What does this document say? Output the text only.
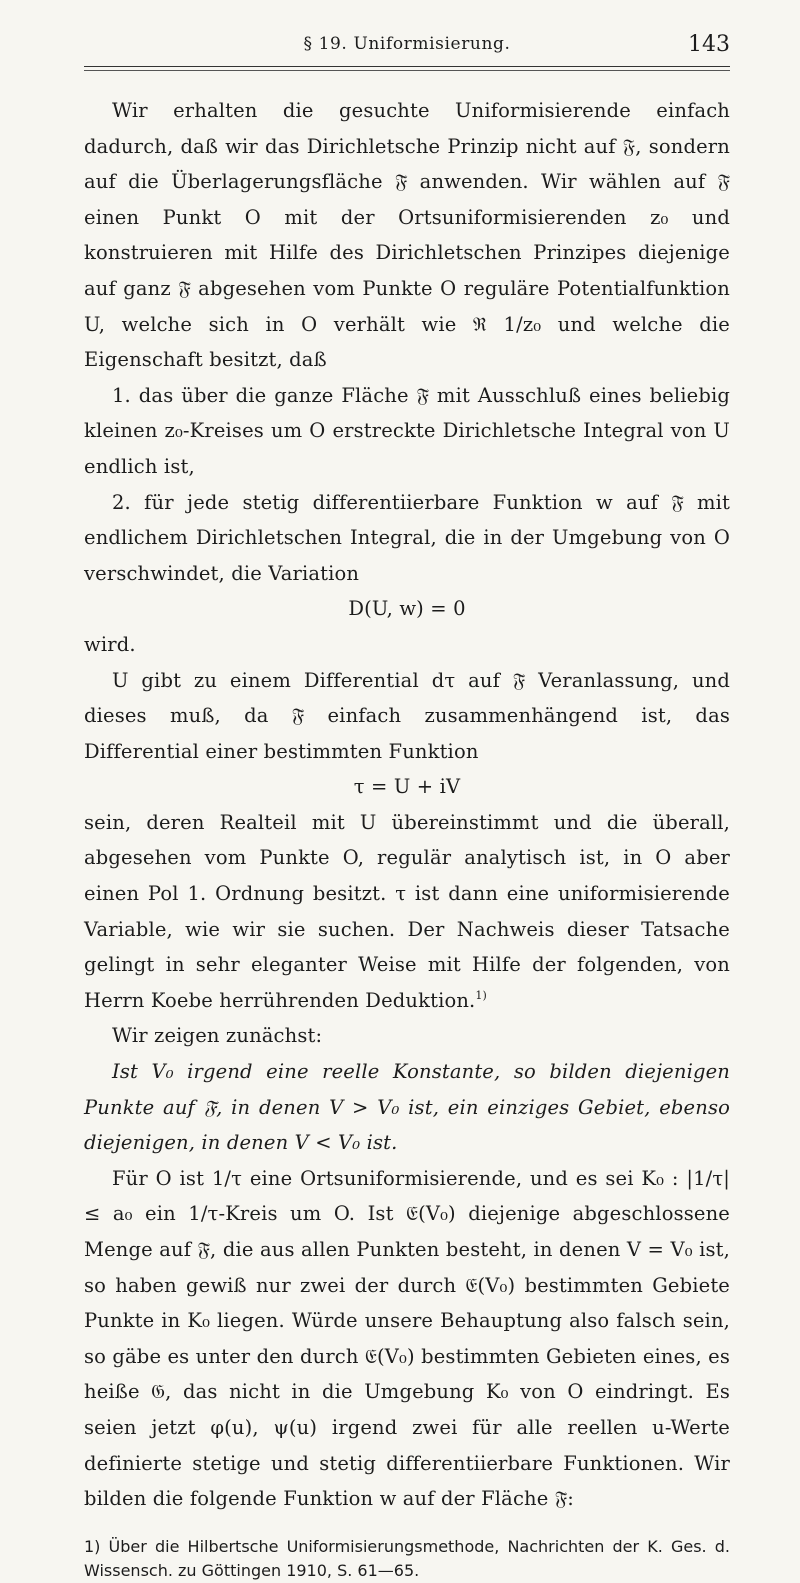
§ 19. Uniformisierung.	143

Wir erhalten die gesuchte Uniformisierende einfach dadurch, daß wir das Dirichletsche Prinzip nicht auf 𝔉, sondern auf die Überlagerungsfläche 𝔉̃ anwenden. Wir wählen auf 𝔉̃ einen Punkt O mit der Ortsuniformisierenden z₀ und konstruieren mit Hilfe des Dirichletschen Prinzipes diejenige auf ganz 𝔉̃ abgesehen vom Punkte O reguläre Potentialfunktion U, welche sich in O verhält wie ℜ 1/z₀ und welche die Eigenschaft besitzt, daß

1. das über die ganze Fläche 𝔉̃ mit Ausschluß eines beliebig kleinen z₀-Kreises um O erstreckte Dirichletsche Integral von U endlich ist,

2. für jede stetig differentiierbare Funktion w auf 𝔉̃ mit endlichem Dirichletschen Integral, die in der Umgebung von O verschwindet, die Variation

D(U, w) = 0

wird.

U gibt zu einem Differential dτ auf 𝔉̃ Veranlassung, und dieses muß, da 𝔉̃ einfach zusammenhängend ist, das Differential einer bestimmten Funktion

τ = U + iV

sein, deren Realteil mit U übereinstimmt und die überall, abgesehen vom Punkte O, regulär analytisch ist, in O aber einen Pol 1. Ordnung besitzt. τ ist dann eine uniformisierende Variable, wie wir sie suchen. Der Nachweis dieser Tatsache gelingt in sehr eleganter Weise mit Hilfe der folgenden, von Herrn Koebe herrührenden Deduktion.$^{1)}$

Wir zeigen zunächst:

Ist V₀ irgend eine reelle Konstante, so bilden diejenigen Punkte auf 𝔉̃, in denen V > V₀ ist, ein einziges Gebiet, ebenso diejenigen, in denen V < V₀ ist.

Für O ist 1/τ eine Ortsuniformisierende, und es sei K₀ : |1/τ| ≤ a₀ ein 1/τ-Kreis um O. Ist 𝔈(V₀) diejenige abgeschlossene Menge auf 𝔉̃, die aus allen Punkten besteht, in denen V = V₀ ist, so haben gewiß nur zwei der durch 𝔈(V₀) bestimmten Gebiete Punkte in K₀ liegen. Würde unsere Behauptung also falsch sein, so gäbe es unter den durch 𝔈(V₀) bestimmten Gebieten eines, es heiße 𝔊, das nicht in die Umgebung K₀ von O eindringt. Es seien jetzt φ(u), ψ(u) irgend zwei für alle reellen u-Werte definierte stetige und stetig differentiierbare Funktionen. Wir bilden die folgende Funktion w auf der Fläche 𝔉̃:

1) Über die Hilbertsche Uniformisierungsmethode, Nachrichten der K. Ges. d. Wissensch. zu Göttingen 1910, S. 61—65.
